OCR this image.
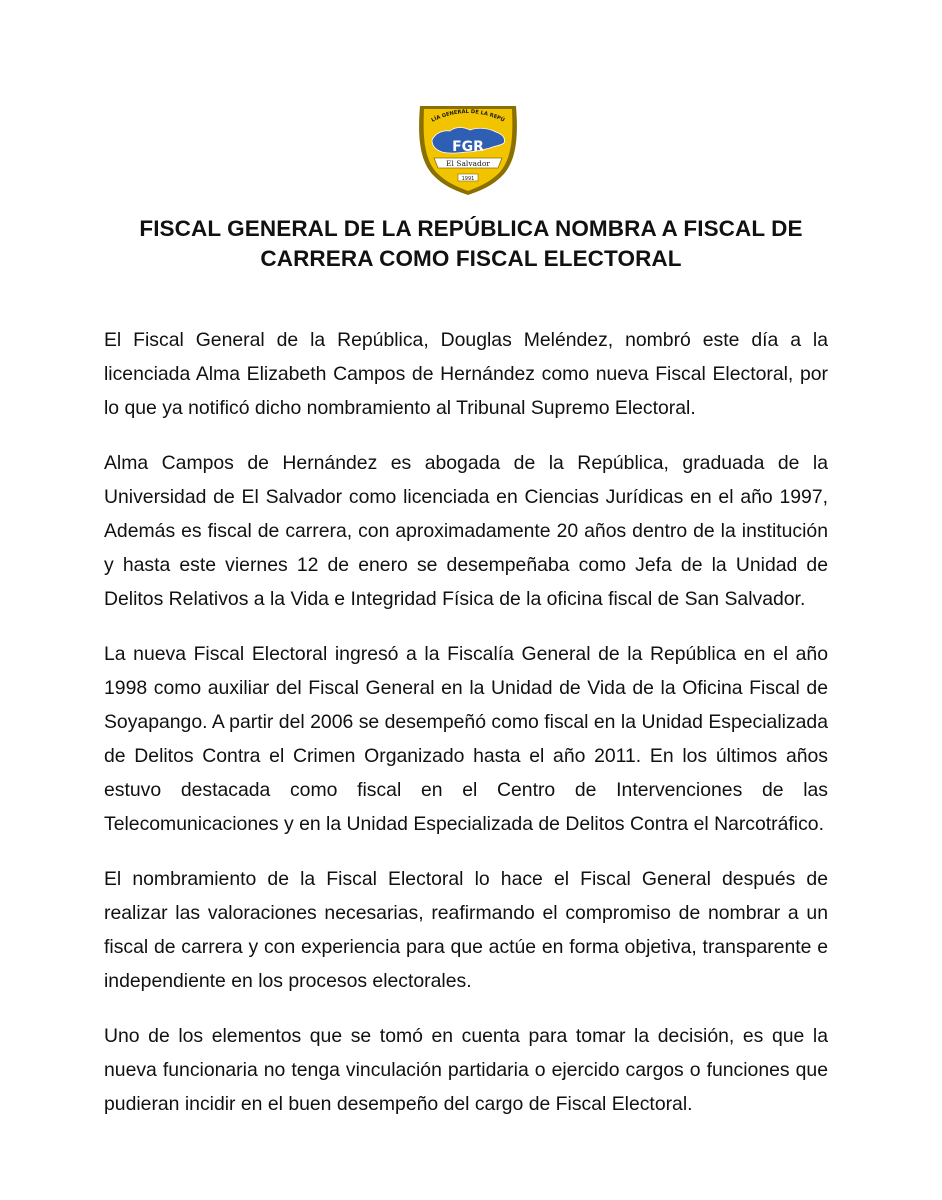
LÍA GENERAL DE LA REPÚ
FGR
El Salvador
1991
FISCAL GENERAL DE LA REPÚBLICA NOMBRA A FISCAL DE CARRERA COMO FISCAL ELECTORAL

El Fiscal General de la República, Douglas Meléndez, nombró este día a la licenciada Alma Elizabeth Campos de Hernández como nueva Fiscal Electoral, por lo que ya notificó dicho nombramiento al Tribunal Supremo Electoral.

Alma Campos de Hernández es abogada de la República, graduada de la Universidad de El Salvador como licenciada en Ciencias Jurídicas en el año 1997, Además es fiscal de carrera, con aproximadamente 20 años dentro de la institución y hasta este viernes 12 de enero se desempeñaba como Jefa de la Unidad de Delitos Relativos a la Vida e Integridad Física de la oficina fiscal de San Salvador.

La nueva Fiscal Electoral ingresó a la Fiscalía General de la República en el año 1998 como auxiliar del Fiscal General en la Unidad de Vida de la Oficina Fiscal de Soyapango. A partir del 2006 se desempeñó como fiscal en la Unidad Especializada de Delitos Contra el Crimen Organizado hasta el año 2011. En los últimos años estuvo destacada como fiscal en el Centro de Intervenciones de las Telecomunicaciones y en la Unidad Especializada de Delitos Contra el Narcotráfico.

El nombramiento de la Fiscal Electoral lo hace el Fiscal General después de realizar las valoraciones necesarias, reafirmando el compromiso de nombrar a un fiscal de carrera y con experiencia para que actúe en forma objetiva, transparente e independiente en los procesos electorales.

Uno de los elementos que se tomó en cuenta para tomar la decisión, es que la nueva funcionaria no tenga vinculación partidaria o ejercido cargos o funciones que pudieran incidir en el buen desempeño del cargo de Fiscal Electoral.
